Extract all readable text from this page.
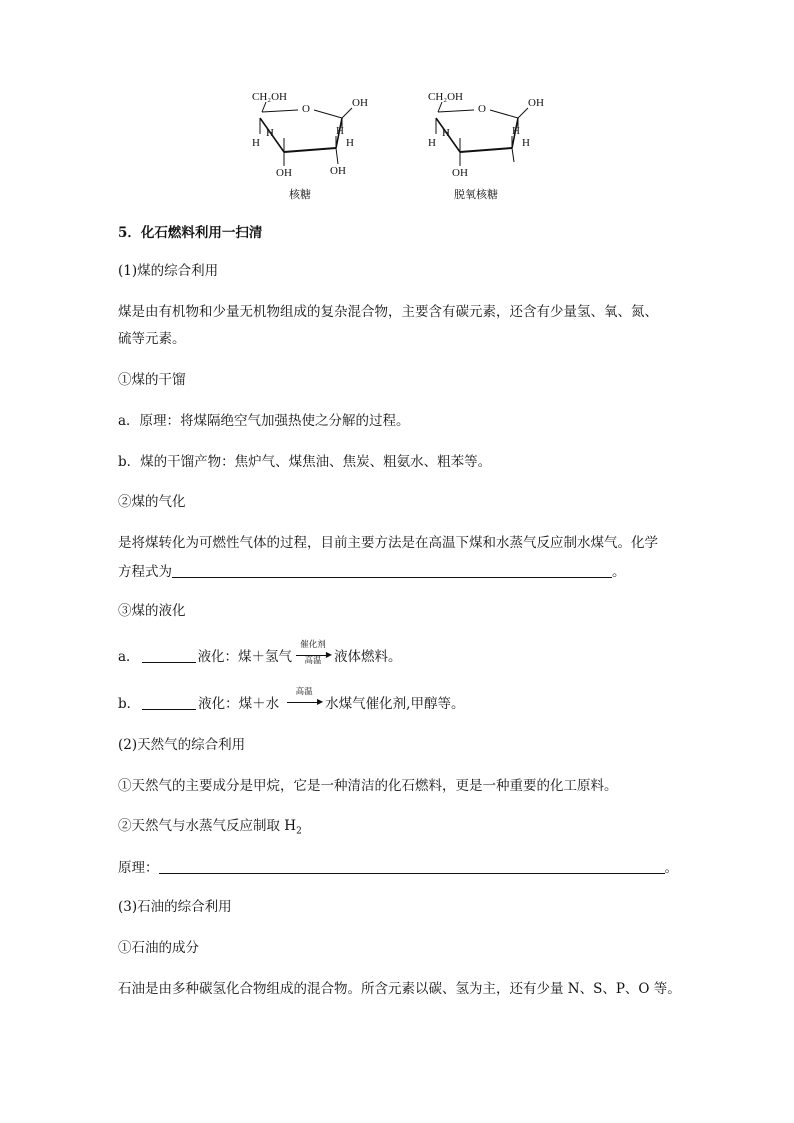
CH₂OH
O	OH
H	H
H	H
OH	OH
核糖
CH₂OH
O	OH
H	H
H	H
OH
脱氧核糖
5．化石燃料利用一扫清
(1)煤的综合利用
煤是由有机物和少量无机物组成的复杂混合物，主要含有碳元素，还含有少量氢、氧、氮、
硫等元素。
①煤的干馏
a．原理：将煤隔绝空气加强热使之分解的过程。
b．煤的干馏产物：焦炉气、煤焦油、焦炭、粗氨水、粗苯等。
②煤的气化
是将煤转化为可燃性气体的过程，目前主要方法是在高温下煤和水蒸气反应制水煤气。化学
方程式为	。
③煤的液化
a．	液化：煤＋氢气
催化剂
▶
高温 液体燃料。
b．	液化：煤＋水
高温
▶ 水煤气催化剂,甲醇等。
(2)天然气的综合利用
①天然气的主要成分是甲烷，它是一种清洁的化石燃料，更是一种重要的化工原料。
②天然气与水蒸气反应制取 $H_2$
原理：	。
(3)石油的综合利用
①石油的成分
石油是由多种碳氢化合物组成的混合物。所含元素以碳、氢为主，还有少量 N、S、P、O 等。
